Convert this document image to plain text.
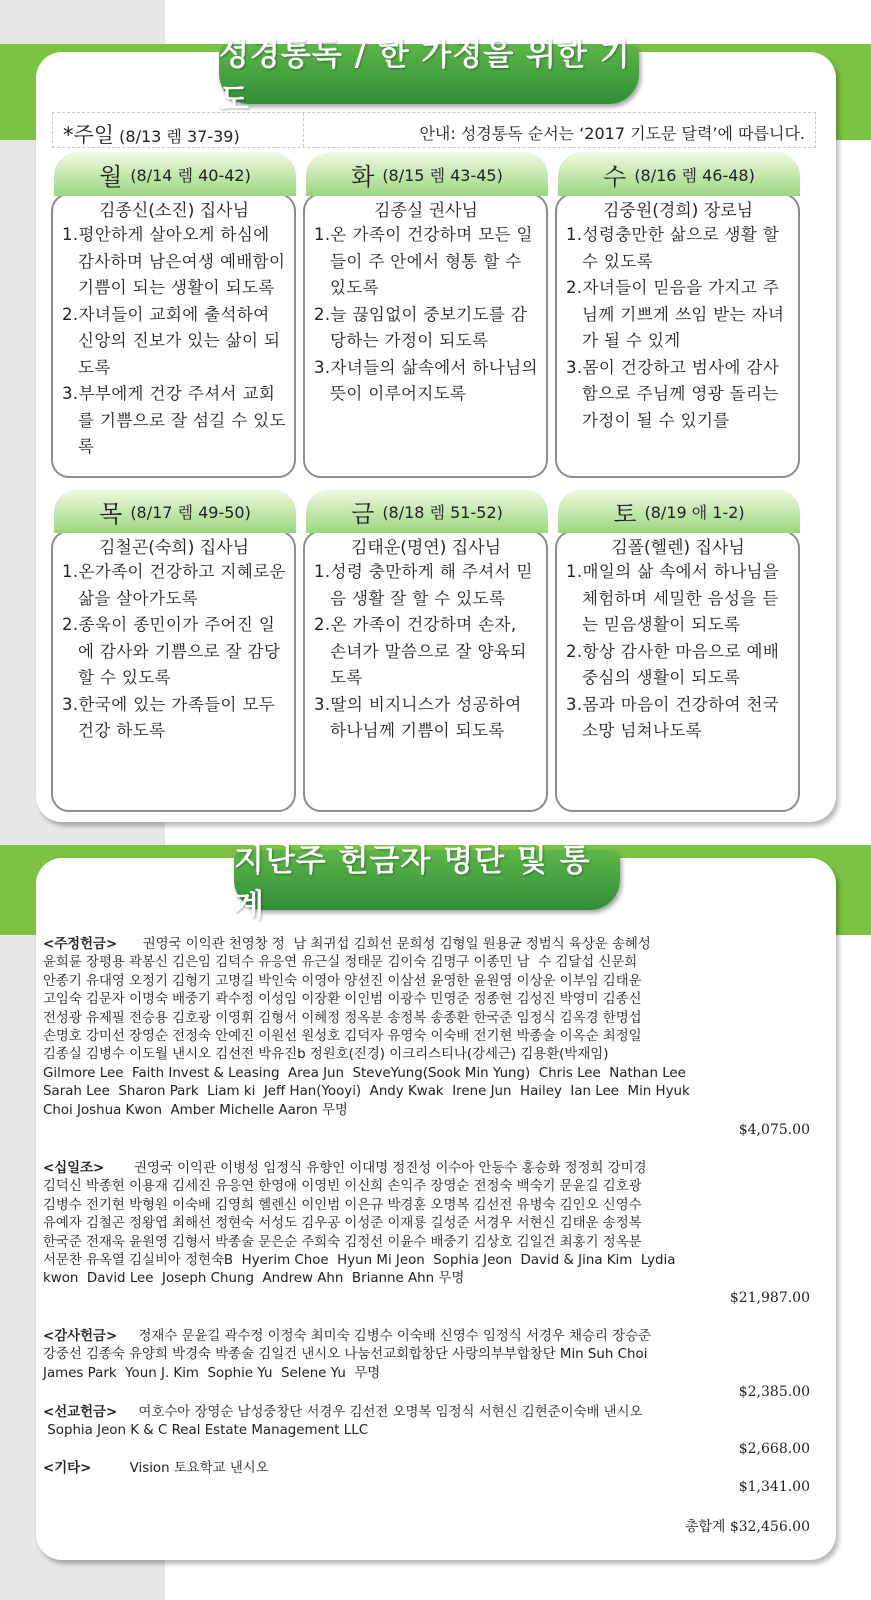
성경통독 / 한 가정을 위한 기도
*주일 (8/13 렘 37-39)	안내: 성경통독 순서는 ‘2017 기도문 달력’에 따릅니다.
월 (8/14 렘 40-42)
김종신(소진) 집사님
1.평안하게 살아오게 하심에 감사하며 남은여생 예배함이 기쁨이 되는 생활이 되도록
2.자녀들이 교회에 출석하여 신앙의 진보가 있는 삶이 되도록
3.부부에게 건강 주셔서 교회를 기쁨으로 잘 섬길 수 있도록
화 (8/15 렘 43-45)
김종실 권사님
1.온 가족이 건강하며 모든 일들이 주 안에서 형통 할 수 있도록
2.늘 끊임없이 중보기도를 감당하는 가정이 되도록
3.자녀들의 삶속에서 하나님의 뜻이 이루어지도록
수 (8/16 렘 46-48)
김중원(경희) 장로님
1.성령충만한 삶으로 생활 할 수 있도록
2.자녀들이 믿음을 가지고 주님께 기쁘게 쓰임 받는 자녀가 될 수 있게
3.몸이 건강하고 범사에 감사함으로 주님께 영광 돌리는 가정이 될 수 있기를
목 (8/17 렘 49-50)
김철곤(숙희) 집사님
1.온가족이 건강하고 지혜로운 삶을 살아가도록
2.종욱이 종민이가 주어진 일에 감사와 기쁨으로 잘 감당할 수 있도록
3.한국에 있는 가족들이 모두 건강 하도록
금 (8/18 렘 51-52)
김태운(명연) 집사님
1.성령 충만하게 해 주셔서 믿음 생활 잘 할 수 있도록
2.온 가족이 건강하며 손자, 손녀가 말씀으로 잘 양육되도록
3.딸의 비지니스가 성공하여 하나님께 기쁨이 되도록
토 (8/19 애 1-2)
김폴(헬렌) 집사님
1.매일의 삶 속에서 하나님을 체험하며 세밀한 음성을 듣는 믿음생활이 되도록
2.항상 감사한 마음으로 예배중심의 생활이 되도록
3.몸과 마음이 건강하여 천국소망 넘쳐나도록
지난주 헌금자 명단 및 통계
<주정헌금> 권영국 이익관 천영창 정  남 최귀섭 김희선 문희성 김형일 원용균 정범식 육상운 송혜성
윤희륜 장평용 곽봉신 김은임 김덕수 유응연 유근실 정태문 김이숙 김명구 이종민 남  수 김달섭 신문희
안종기 유대영 오정기 김형기 고명길 박인숙 이영아 양선진 이삼선 윤영한 윤원영 이상운 이부임 김태운
고임숙 김문자 이명숙 배중기 곽수정 이성임 이장환 이인범 이광수 민영준 정종현 김성진 박영미 김종신
전성광 유제필 전승용 김호광 이영휘 김형서 이혜정 정옥분 송정복 송종환 한국준 임정식 김옥경 한명섭
손명호 강미선 장영순 전정숙 안예진 이원선 원성호 김덕자 유영숙 이숙배 전기현 박종술 이옥순 최정일
김종실 김병수 이도월 낸시오 김선전 박유진b 정원호(진경) 이크리스티나(강세근) 김용환(박재임)
Gilmore Lee  Faith Invest & Leasing  Area Jun  SteveYung(Sook Min Yung)  Chris Lee  Nathan Lee
Sarah Lee  Sharon Park  Liam ki  Jeff Han(Yooyi)  Andy Kwak  Irene Jun  Hailey  Ian Lee  Min Hyuk
Choi Joshua Kwon  Amber Michelle Aaron 무명
$4,075.00
<십일조> 권영국 이익관 이병성 임정식 유향인 이대명 정진성 이수아 안동수 홍승화 정정희 강미경
김덕신 박종현 이용재 김세진 유응연 한영애 이영빈 이신희 손익주 장영순 전정숙 백숙기 문윤길 김호광
김병수 전기현 박형원 이숙배 김영희 헬렌신 이인범 이은규 박경훈 오명복 김선전 유병숙 김인오 신영수
유예자 김철곤 정왕엽 최해선 정현숙 서성도 김우공 이성준 이재룡 길성준 서경우 서현신 김태운 송정복
한국준 전재욱 윤원영 김형서 박종술 문은순 주희숙 김정선 이윤수 배중기 김상호 김일건 최홍기 정옥분
서문찬 유옥열 김실비아 정현숙B  Hyerim Choe  Hyun Mi Jeon  Sophia Jeon  David & Jina Kim  Lydia
kwon  David Lee  Joseph Chung  Andrew Ahn  Brianne Ahn 무명
$21,987.00
<감사헌금> 정재수 문윤길 곽수정 이정숙 최미숙 김병수 이숙배 신영수 임정식 서경우 채승리 장승준
강중선 김종숙 유양희 박경숙 박종술 김일건 낸시오 나눔선교회합창단 사랑의부부합창단 Min Suh Choi
James Park  Youn J. Kim  Sophie Yu  Selene Yu  무명
$2,385.00
<선교헌금> 여호수아 장영순 남성중창단 서경우 김선전 오명복 임정식 서현신 김현준이숙배 낸시오
Sophia Jeon K & C Real Estate Management LLC
$2,668.00
<기타>	Vision 토요학교 낸시오
$1,341.00
총합계 $32,456.00
